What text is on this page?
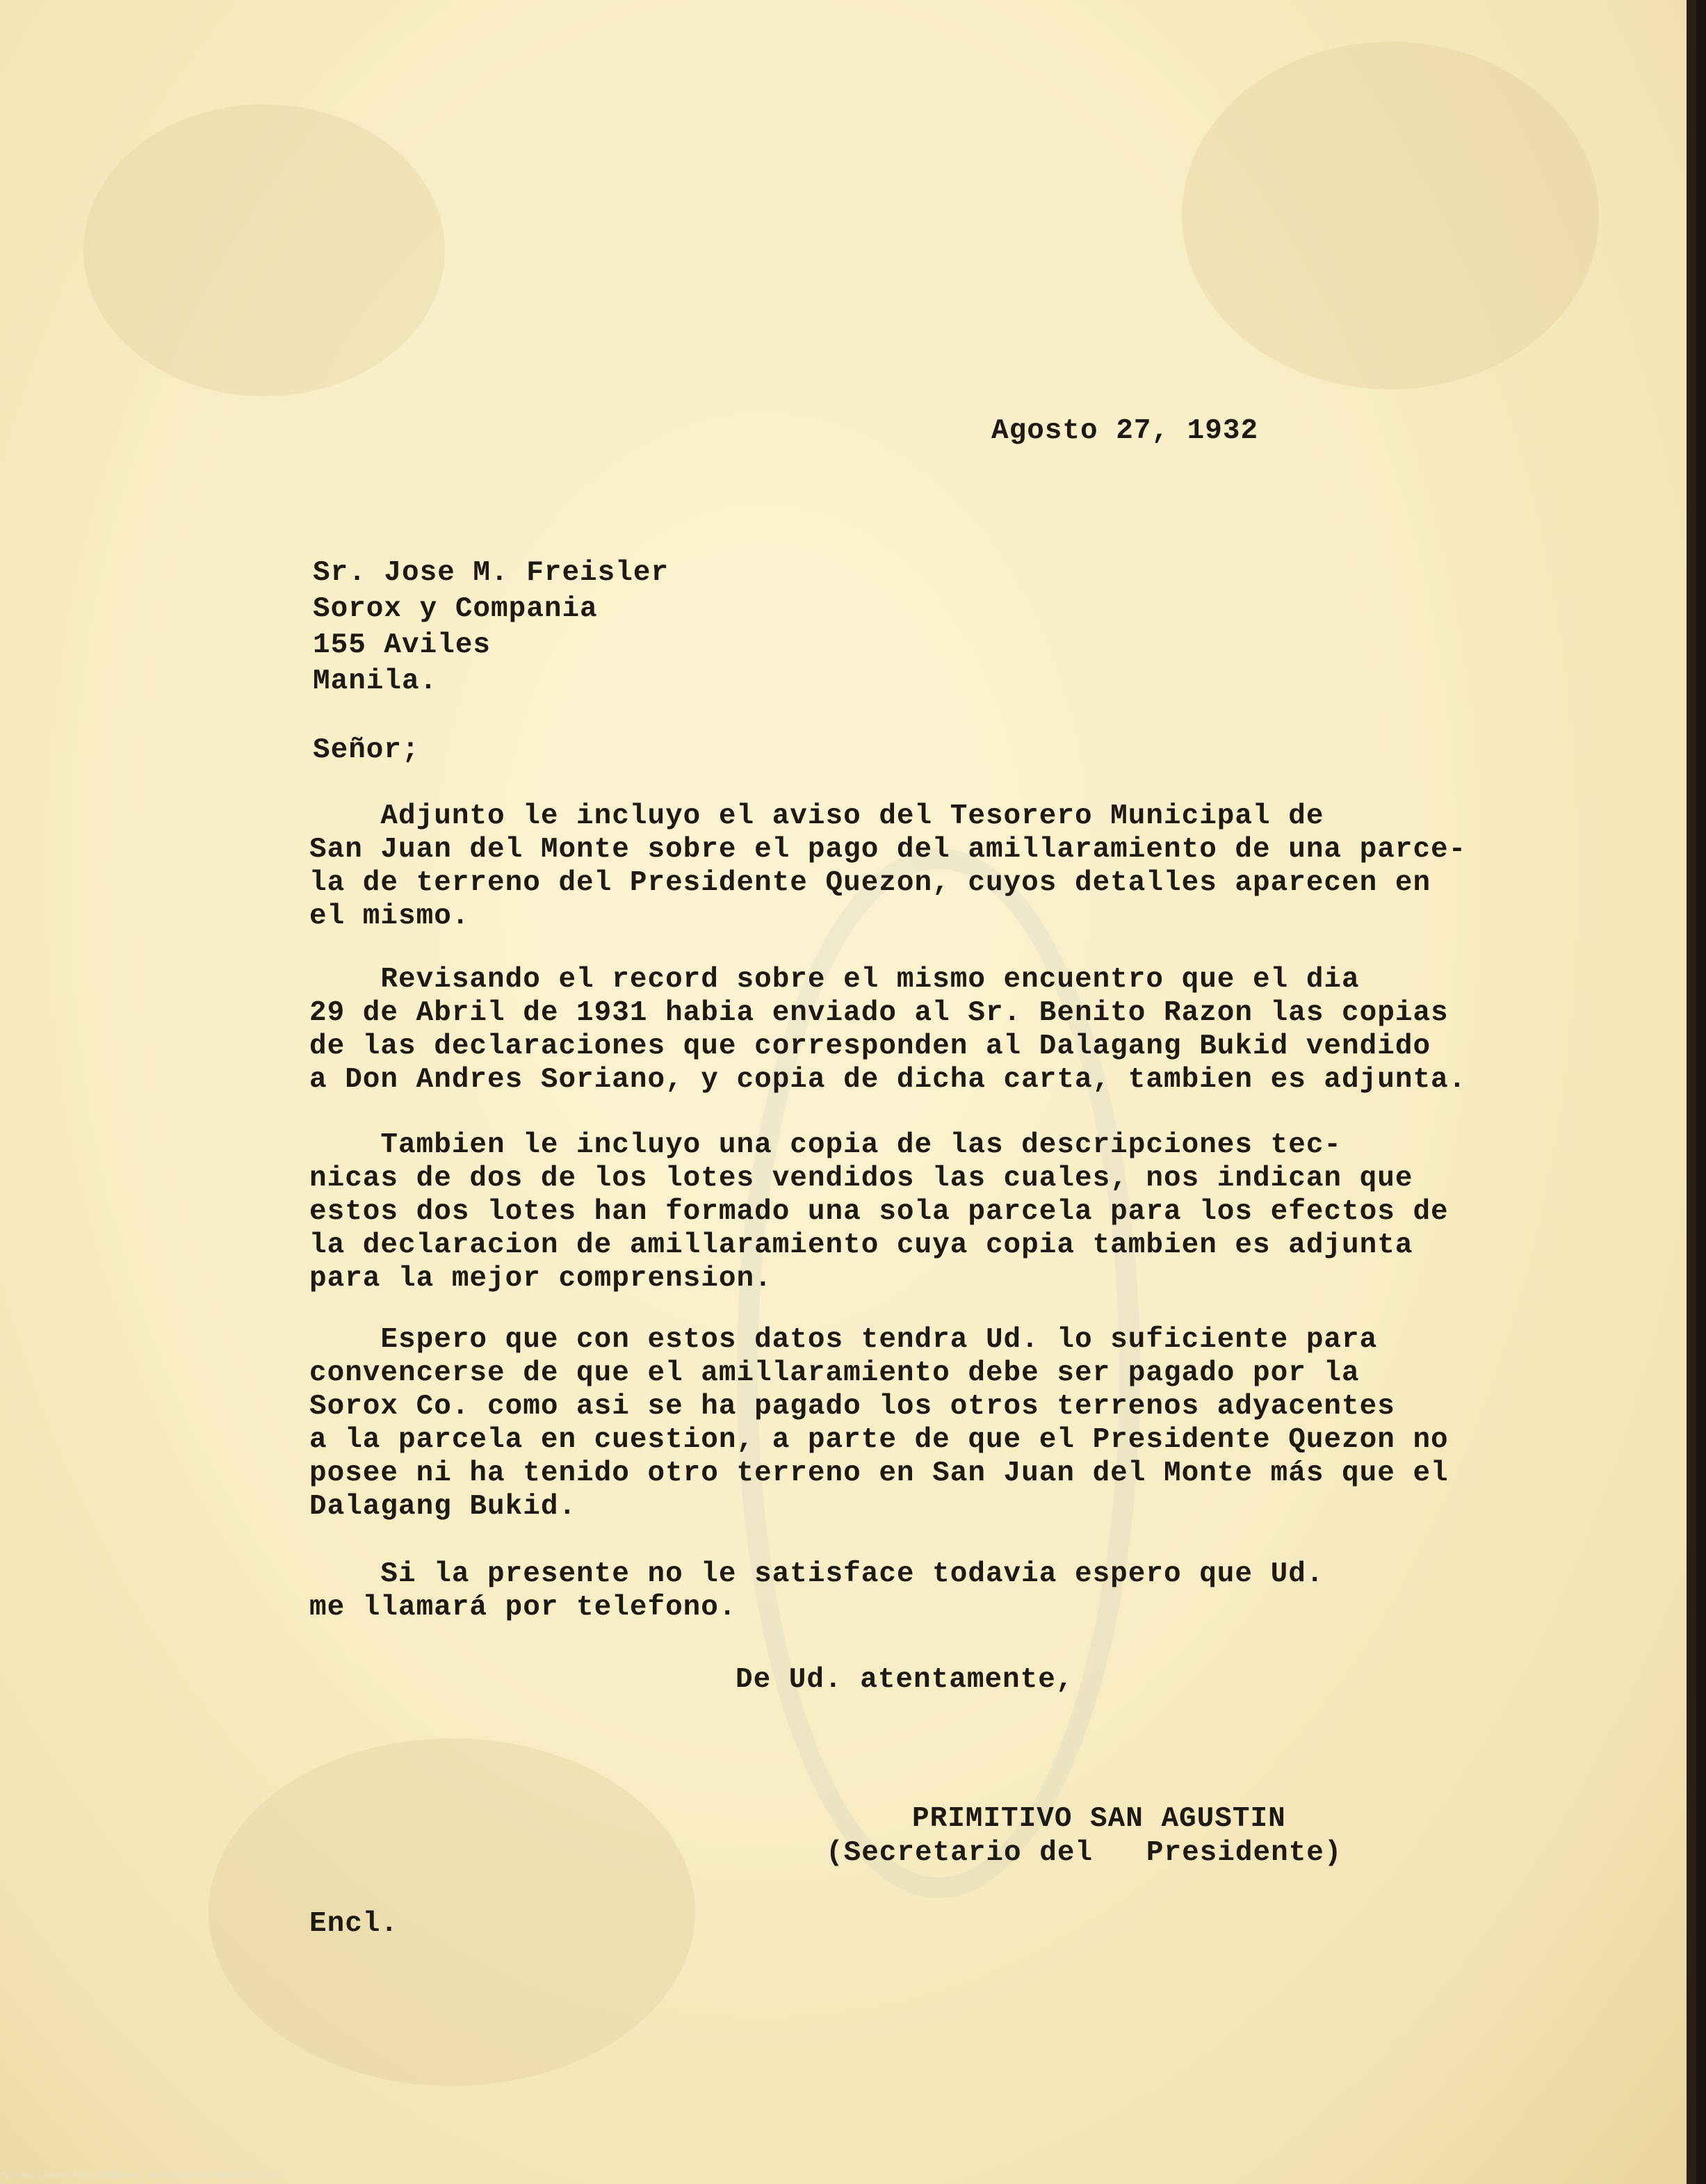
Agosto 27, 1932
Sr. Jose M. Freisler
Sorox y Compania
155 Aviles
Manila.
Señor;
Adjunto le incluyo el aviso del Tesorero Municipal de
San Juan del Monte sobre el pago del amillaramiento de una parce-
la de terreno del Presidente Quezon, cuyos detalles aparecen en
el mismo.
Revisando el record sobre el mismo encuentro que el dia
29 de Abril de 1931 habia enviado al Sr. Benito Razon las copias
de las declaraciones que corresponden al Dalagang Bukid vendido
a Don Andres Soriano, y copia de dicha carta, tambien es adjunta.
Tambien le incluyo una copia de las descripciones tec-
nicas de dos de los lotes vendidos las cuales, nos indican que
estos dos lotes han formado una sola parcela para los efectos de
la declaracion de amillaramiento cuya copia tambien es adjunta
para la mejor comprension.
Espero que con estos datos tendra Ud. lo suficiente para
convencerse de que el amillaramiento debe ser pagado por la
Sorox Co. como asi se ha pagado los otros terrenos adyacentes
a la parcela en cuestion, a parte de que el Presidente Quezon no
posee ni ha tenido otro terreno en San Juan del Monte más que el
Dalagang Bukid.
Si la presente no le satisface todavia espero que Ud.
me llamará por telefono.
De Ud. atentamente,
PRIMITIVO SAN AGUSTIN
(Secretario del   Presidente)
Encl.
National Library of the Philippines NLPMQMHS007B183F001102.tif
